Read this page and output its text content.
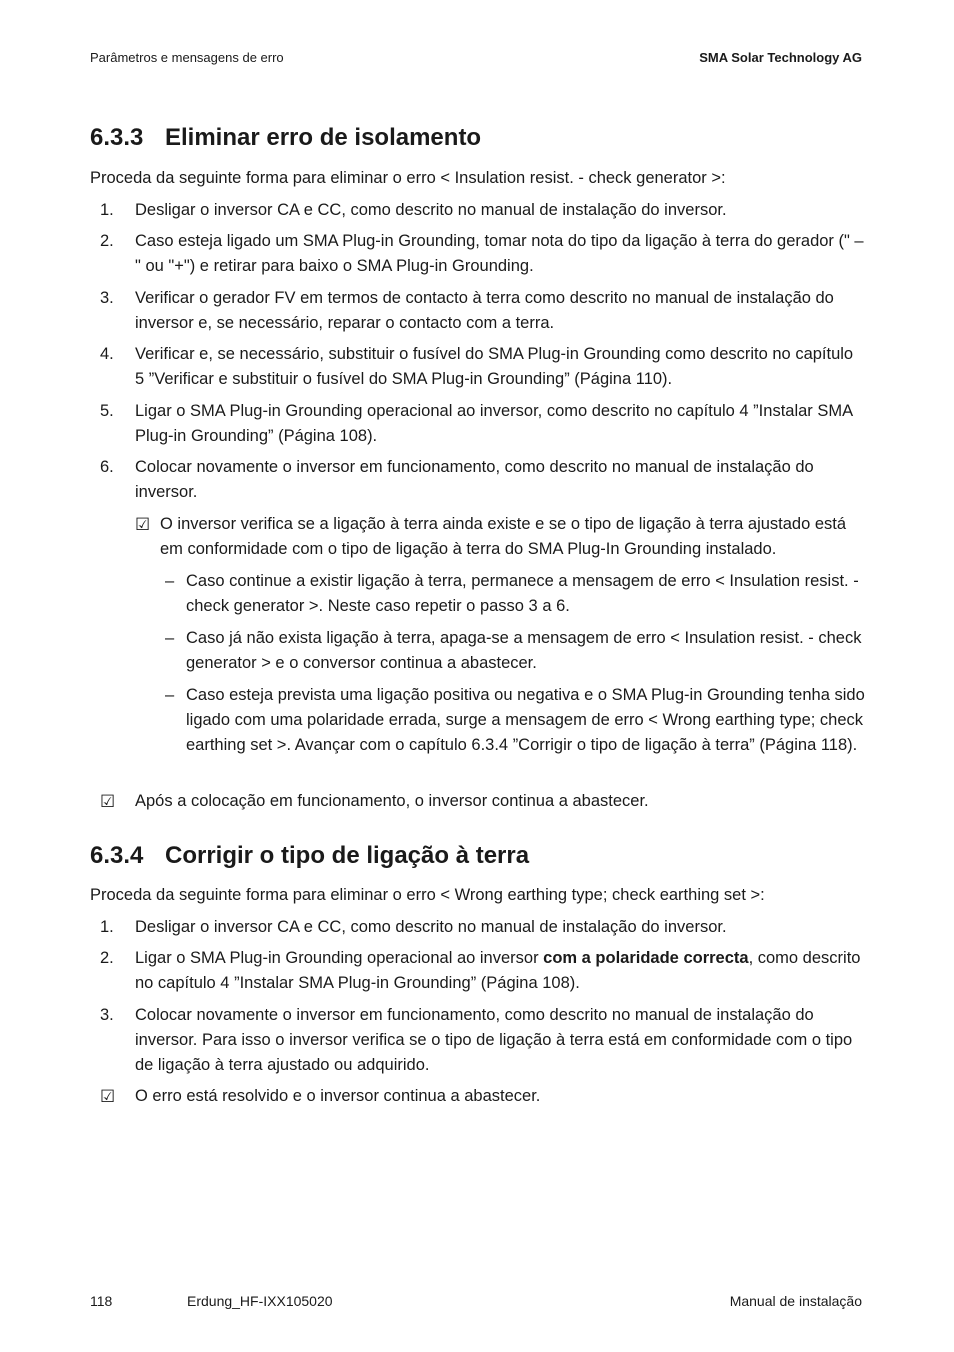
Parâmetros e mensagens de erro	SMA Solar Technology AG
6.3.3 Eliminar erro de isolamento
Proceda da seguinte forma para eliminar o erro < Insulation resist. - check generator >:
1. Desligar o inversor CA e CC, como descrito no manual de instalação do inversor.
2. Caso esteja ligado um SMA Plug-in Grounding, tomar nota do tipo da ligação à terra do gerador (" – " ou "+") e retirar para baixo o SMA Plug-in Grounding.
3. Verificar o gerador FV em termos de contacto à terra como descrito no manual de instalação do inversor e, se necessário, reparar o contacto com a terra.
4. Verificar e, se necessário, substituir o fusível do SMA Plug-in Grounding como descrito no capítulo 5 ”Verificar e substituir o fusível do SMA Plug-in Grounding” (Página 110).
5. Ligar o SMA Plug-in Grounding operacional ao inversor, como descrito no capítulo 4 ”Instalar SMA Plug-in Grounding” (Página 108).
6. Colocar novamente o inversor em funcionamento, como descrito no manual de instalação do inversor.
☑ O inversor verifica se a ligação à terra ainda existe e se o tipo de ligação à terra ajustado está em conformidade com o tipo de ligação à terra do SMA Plug-In Grounding instalado.
– Caso continue a existir ligação à terra, permanece a mensagem de erro < Insulation resist. - check generator >. Neste caso repetir o passo 3 a 6.
– Caso já não exista ligação à terra, apaga-se a mensagem de erro < Insulation resist. - check generator > e o conversor continua a abastecer.
– Caso esteja prevista uma ligação positiva ou negativa e o SMA Plug-in Grounding tenha sido ligado com uma polaridade errada, surge a mensagem de erro < Wrong earthing type; check earthing set >. Avançar com o capítulo 6.3.4 ”Corrigir o tipo de ligação à terra” (Página 118).
☑ Após a colocação em funcionamento, o inversor continua a abastecer.
6.3.4 Corrigir o tipo de ligação à terra
Proceda da seguinte forma para eliminar o erro < Wrong earthing type; check earthing set >:
1. Desligar o inversor CA e CC, como descrito no manual de instalação do inversor.
2. Ligar o SMA Plug-in Grounding operacional ao inversor com a polaridade correcta, como descrito no capítulo 4 ”Instalar SMA Plug-in Grounding” (Página 108).
3. Colocar novamente o inversor em funcionamento, como descrito no manual de instalação do inversor. Para isso o inversor verifica se o tipo de ligação à terra está em conformidade com o tipo de ligação à terra ajustado ou adquirido.
☑ O erro está resolvido e o inversor continua a abastecer.
118	Erdung_HF-IXX105020	Manual de instalação
